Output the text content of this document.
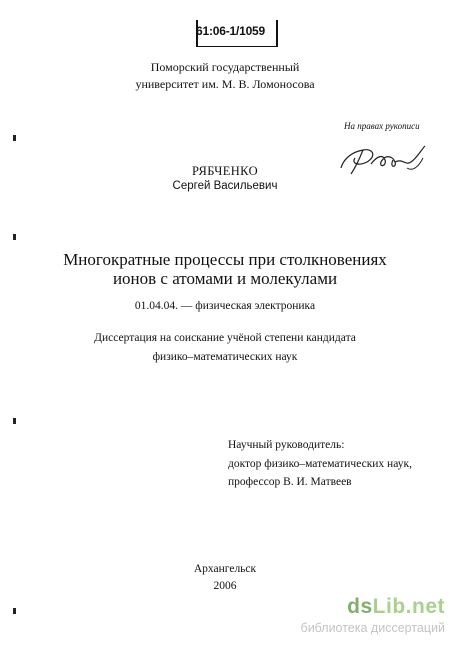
61:06-1/1059
Поморский государственный
университет им. М. В. Ломоносова
На правах рукописи
РЯБЧЕНКО
Сергей Васильевич
Многократные процессы при столкновениях
ионов с атомами и молекулами
01.04.04. — физическая электроника
Диссертация на соискание учёной степени кандидата
физико–математических наук
Научный руководитель:
доктор физико–математических наук,
профессор В. И. Матвеев
Архангельск
2006
dsLib.net
библиотека диссертаций
